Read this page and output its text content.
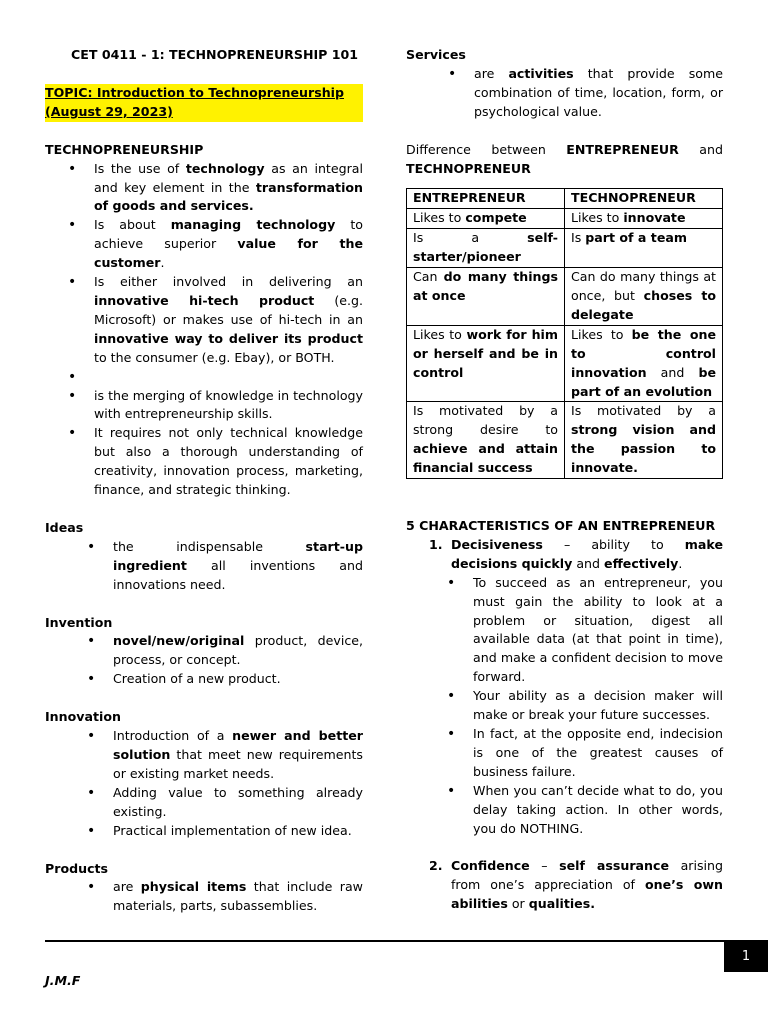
CET 0411 - 1: TECHNOPRENEURSHIP 101
TOPIC: Introduction to Technopreneurship
(August 29, 2023)
TECHNOPRENEURSHIP
• Is the use of technology as an integral and key element in the transformation of goods and services.
• Is about managing technology to achieve superior value for the customer.
• Is either involved in delivering an innovative hi-tech product (e.g. Microsoft) or makes use of hi-tech in an innovative way to deliver its product to the consumer (e.g. Ebay), or BOTH.
•
• is the merging of knowledge in technology with entrepreneurship skills.
• It requires not only technical knowledge but also a thorough understanding of creativity, innovation process, marketing, finance, and strategic thinking.
Ideas
• the indispensable start-up ingredient all inventions and innovations need.
Invention
• novel/new/original product, device, process, or concept.
• Creation of a new product.
Innovation
• Introduction of a newer and better solution that meet new requirements or existing market needs.
• Adding value to something already existing.
• Practical implementation of new idea.
Products
• are physical items that include raw materials, parts, subassemblies.
Services
• are activities that provide some combination of time, location, form, or psychological value.

Difference between ENTREPRENEUR and

TECHNOPRENEUR

ENTREPRENEUR	TECHNOPRENEUR
Likes to compete	Likes to innovate
Is a self-starter/pioneer	Is part of a team
Can do many things at once	Can do many things at once, but choses to delegate
Likes to work for him or herself and be in control	Likes to be the one to control innovation and be part of an evolution
Is motivated by a strong desire to achieve and attain financial success	Is motivated by a strong vision and the passion to innovate.
5 CHARACTERISTICS OF AN ENTREPRENEUR
1. Decisiveness – ability to make decisions quickly and effectively.

• To succeed as an entrepreneur, you must gain the ability to look at a problem or situation, digest all available data (at that point in time), and make a confident decision to move forward.
• Your ability as a decision maker will make or break your future successes.
• In fact, at the opposite end, indecision is one of the greatest causes of business failure.
• When you can’t decide what to do, you delay taking action. In other words, you do NOTHING.
2. Confidence – self assurance arising from one’s appreciation of one’s own abilities or qualities.

1
J.M.F
